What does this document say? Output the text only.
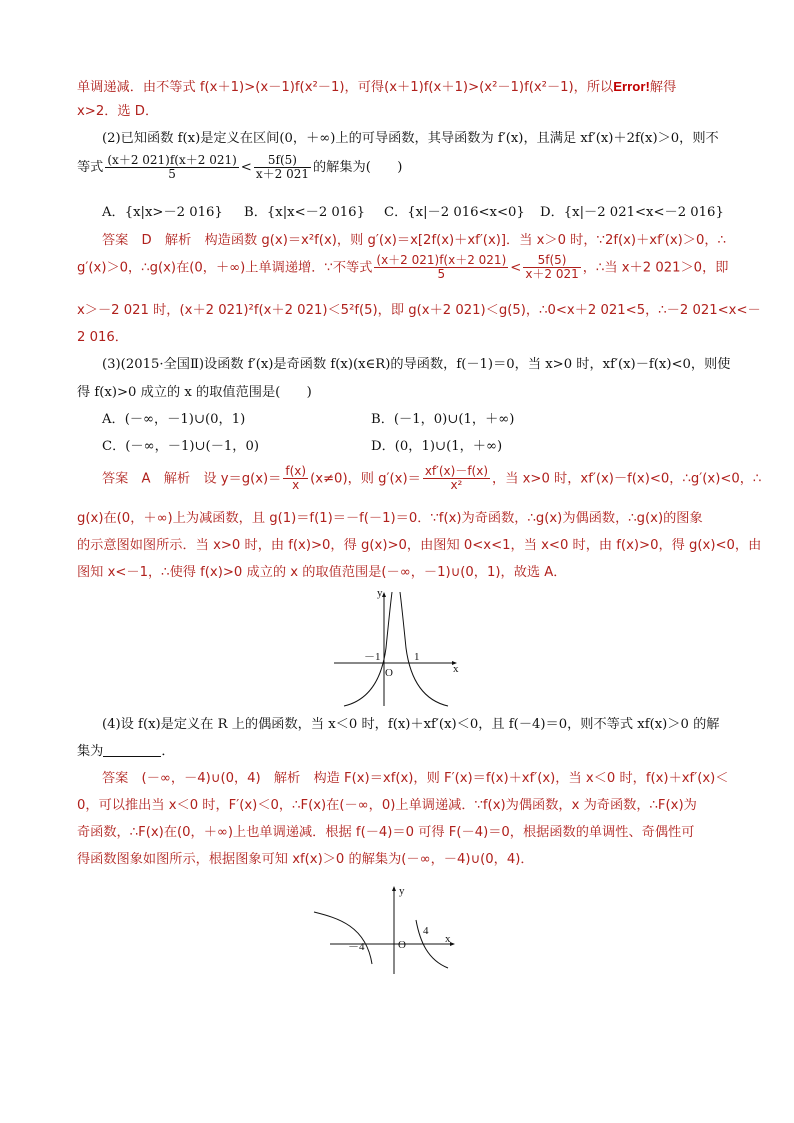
单调递减．由不等式 f(x＋1)>(x－1)f(x²－1)，可得(x＋1)f(x＋1)>(x²－1)f(x²－1)，所以Error!解得
x>2．选 D．
(2)已知函数 f(x)是定义在区间(0，＋∞)上的可导函数，其导函数为 f′(x)，且满足 xf′(x)＋2f(x)＞0，则不
等式 $\frac{(x+2 021)f(x+2 021)}{5} < \frac{5f(5)}{x+2 021}$ 的解集为(　　)
A．{x|x>－2 016} B．{x|x<－2 016} C．{x|－2 016<x<0} D．{x|－2 021<x<－2 016}
答案　D　解析　构造函数 g(x)＝x²f(x)，则 g′(x)＝x[2f(x)＋xf′(x)]．当 x＞0 时，∵2f(x)＋xf′(x)＞0，∴
g′(x)＞0，∴g(x)在(0，＋∞)上单调递增．∵不等式 $\frac{(x+2 021)f(x+2 021)}{5} < \frac{5f(5)}{x+2 021}$ ，∴当 x＋2 021＞0，即
x＞－2 021 时，(x＋2 021)²f(x＋2 021)＜5²f(5)，即 g(x＋2 021)＜g(5)，∴0<x＋2 021<5，∴－2 021<x<－
2 016．
(3)(2015·全国Ⅱ)设函数 f′(x)是奇函数 f(x)(x∈R)的导函数，f(－1)＝0，当 x>0 时，xf′(x)－f(x)<0，则使
得 f(x)>0 成立的 x 的取值范围是(　　)
A．(－∞，－1)∪(0，1)	B．(－1，0)∪(1，＋∞)
C．(－∞，－1)∪(－1，0)	D．(0，1)∪(1，＋∞)
答案　A　解析　设 $y=g(x)= \frac{f(x)}{x} (x\ne 0)$，则 $g'(x)= \frac{xf'(x)-f(x)}{\text{x²}}$ ，当 x>0 时，xf′(x)－f(x)<0，∴g′(x)<0，∴
g(x)在(0，＋∞)上为减函数，且 g(1)＝f(1)＝－f(－1)＝0．∵f(x)为奇函数，∴g(x)为偶函数，∴g(x)的图象
的示意图如图所示．当 x>0 时，由 f(x)>0，得 g(x)>0，由图知 0<x<1，当 x<0 时，由 f(x)>0，得 g(x)<0，由
图知 x<－1，∴使得 f(x)>0 成立的 x 的取值范围是(－∞，－1)∪(0，1)，故选 A．
y
x
O
－1	1
(4)设 f(x)是定义在 R 上的偶函数，当 x＜0 时，f(x)＋xf′(x)＜0，且 f(－4)＝0，则不等式 xf(x)＞0 的解
集为	．
答案　(－∞，－4)∪(0，4)　解析　构造 F(x)＝xf(x)，则 F′(x)＝f(x)＋xf′(x)，当 x＜0 时，f(x)＋xf′(x)＜
0，可以推出当 x＜0 时，F′(x)＜0，∴F(x)在(－∞，0)上单调递减．∵f(x)为偶函数，x 为奇函数，∴F(x)为
奇函数，∴F(x)在(0，＋∞)上也单调递减．根据 f(－4)＝0 可得 F(－4)＝0，根据函数的单调性、奇偶性可
得函数图象如图所示，根据图象可知 xf(x)＞0 的解集为(－∞，－4)∪(0，4)．
y
x
O
－4
4
